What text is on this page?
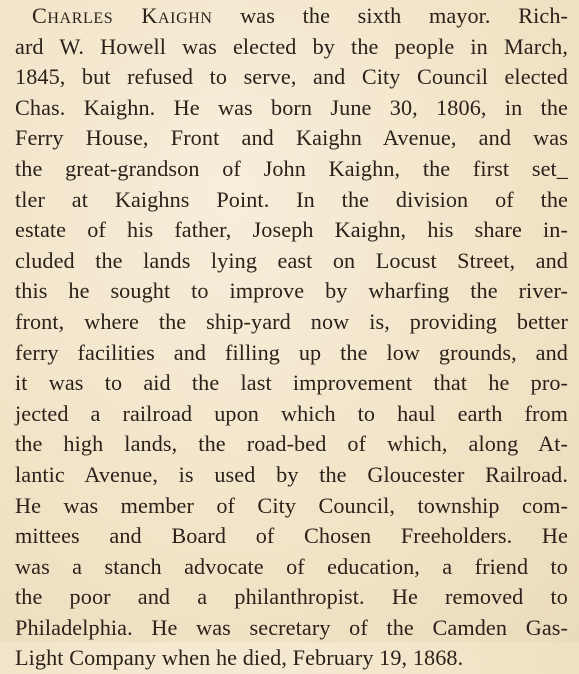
Charles Kaighn was the sixth mayor. Rich-
ard W. Howell was elected by the people in March,
1845, but refused to serve, and City Council elected
Chas. Kaighn. He was born June 30, 1806, in the
Ferry House, Front and Kaighn Avenue, and was
the great-grandson of John Kaighn, the first set_
tler at Kaighns Point. In the division of the
estate of his father, Joseph Kaighn, his share in-
cluded the lands lying east on Locust Street, and
this he sought to improve by wharfing the river-
front, where the ship-yard now is, providing better
ferry facilities and filling up the low grounds, and
it was to aid the last improvement that he pro-
jected a railroad upon which to haul earth from
the high lands, the road-bed of which, along At-
lantic Avenue, is used by the Gloucester Railroad.
He was member of City Council, township com-
mittees and Board of Chosen Freeholders. He
was a stanch advocate of education, a friend to
the poor and a philanthropist. He removed to
Philadelphia. He was secretary of the Camden Gas-
Light Company when he died, February 19, 1868.
